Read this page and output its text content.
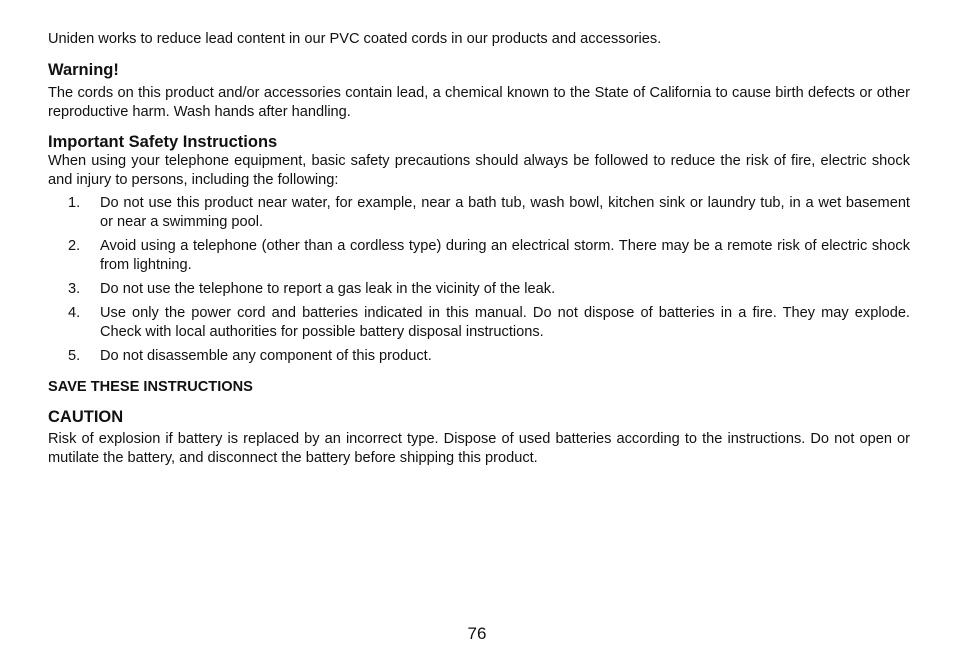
Uniden works to reduce lead content in our PVC coated cords in our products and accessories.

Warning!

The cords on this product and/or accessories contain lead, a chemical known to the State of California to cause birth defects or other reproductive harm. Wash hands after handling.

Important Safety Instructions

When using your telephone equipment, basic safety precautions should always be followed to reduce the risk of fire, electric shock and injury to persons, including the following:

1. Do not use this product near water, for example, near a bath tub, wash bowl, kitchen sink or laundry tub, in a wet basement or near a swimming pool.
2. Avoid using a telephone (other than a cordless type) during an electrical storm. There may be a remote risk of electric shock from lightning.
3. Do not use the telephone to report a gas leak in the vicinity of the leak.
4. Use only the power cord and batteries indicated in this manual. Do not dispose of batteries in a fire. They may explode. Check with local authorities for possible battery disposal instructions.
5. Do not disassemble any component of this product.
SAVE THESE INSTRUCTIONS
CAUTION

Risk of explosion if battery is replaced by an incorrect type. Dispose of used batteries according to the instructions. Do not open or mutilate the battery, and disconnect the battery before shipping this product.

76
